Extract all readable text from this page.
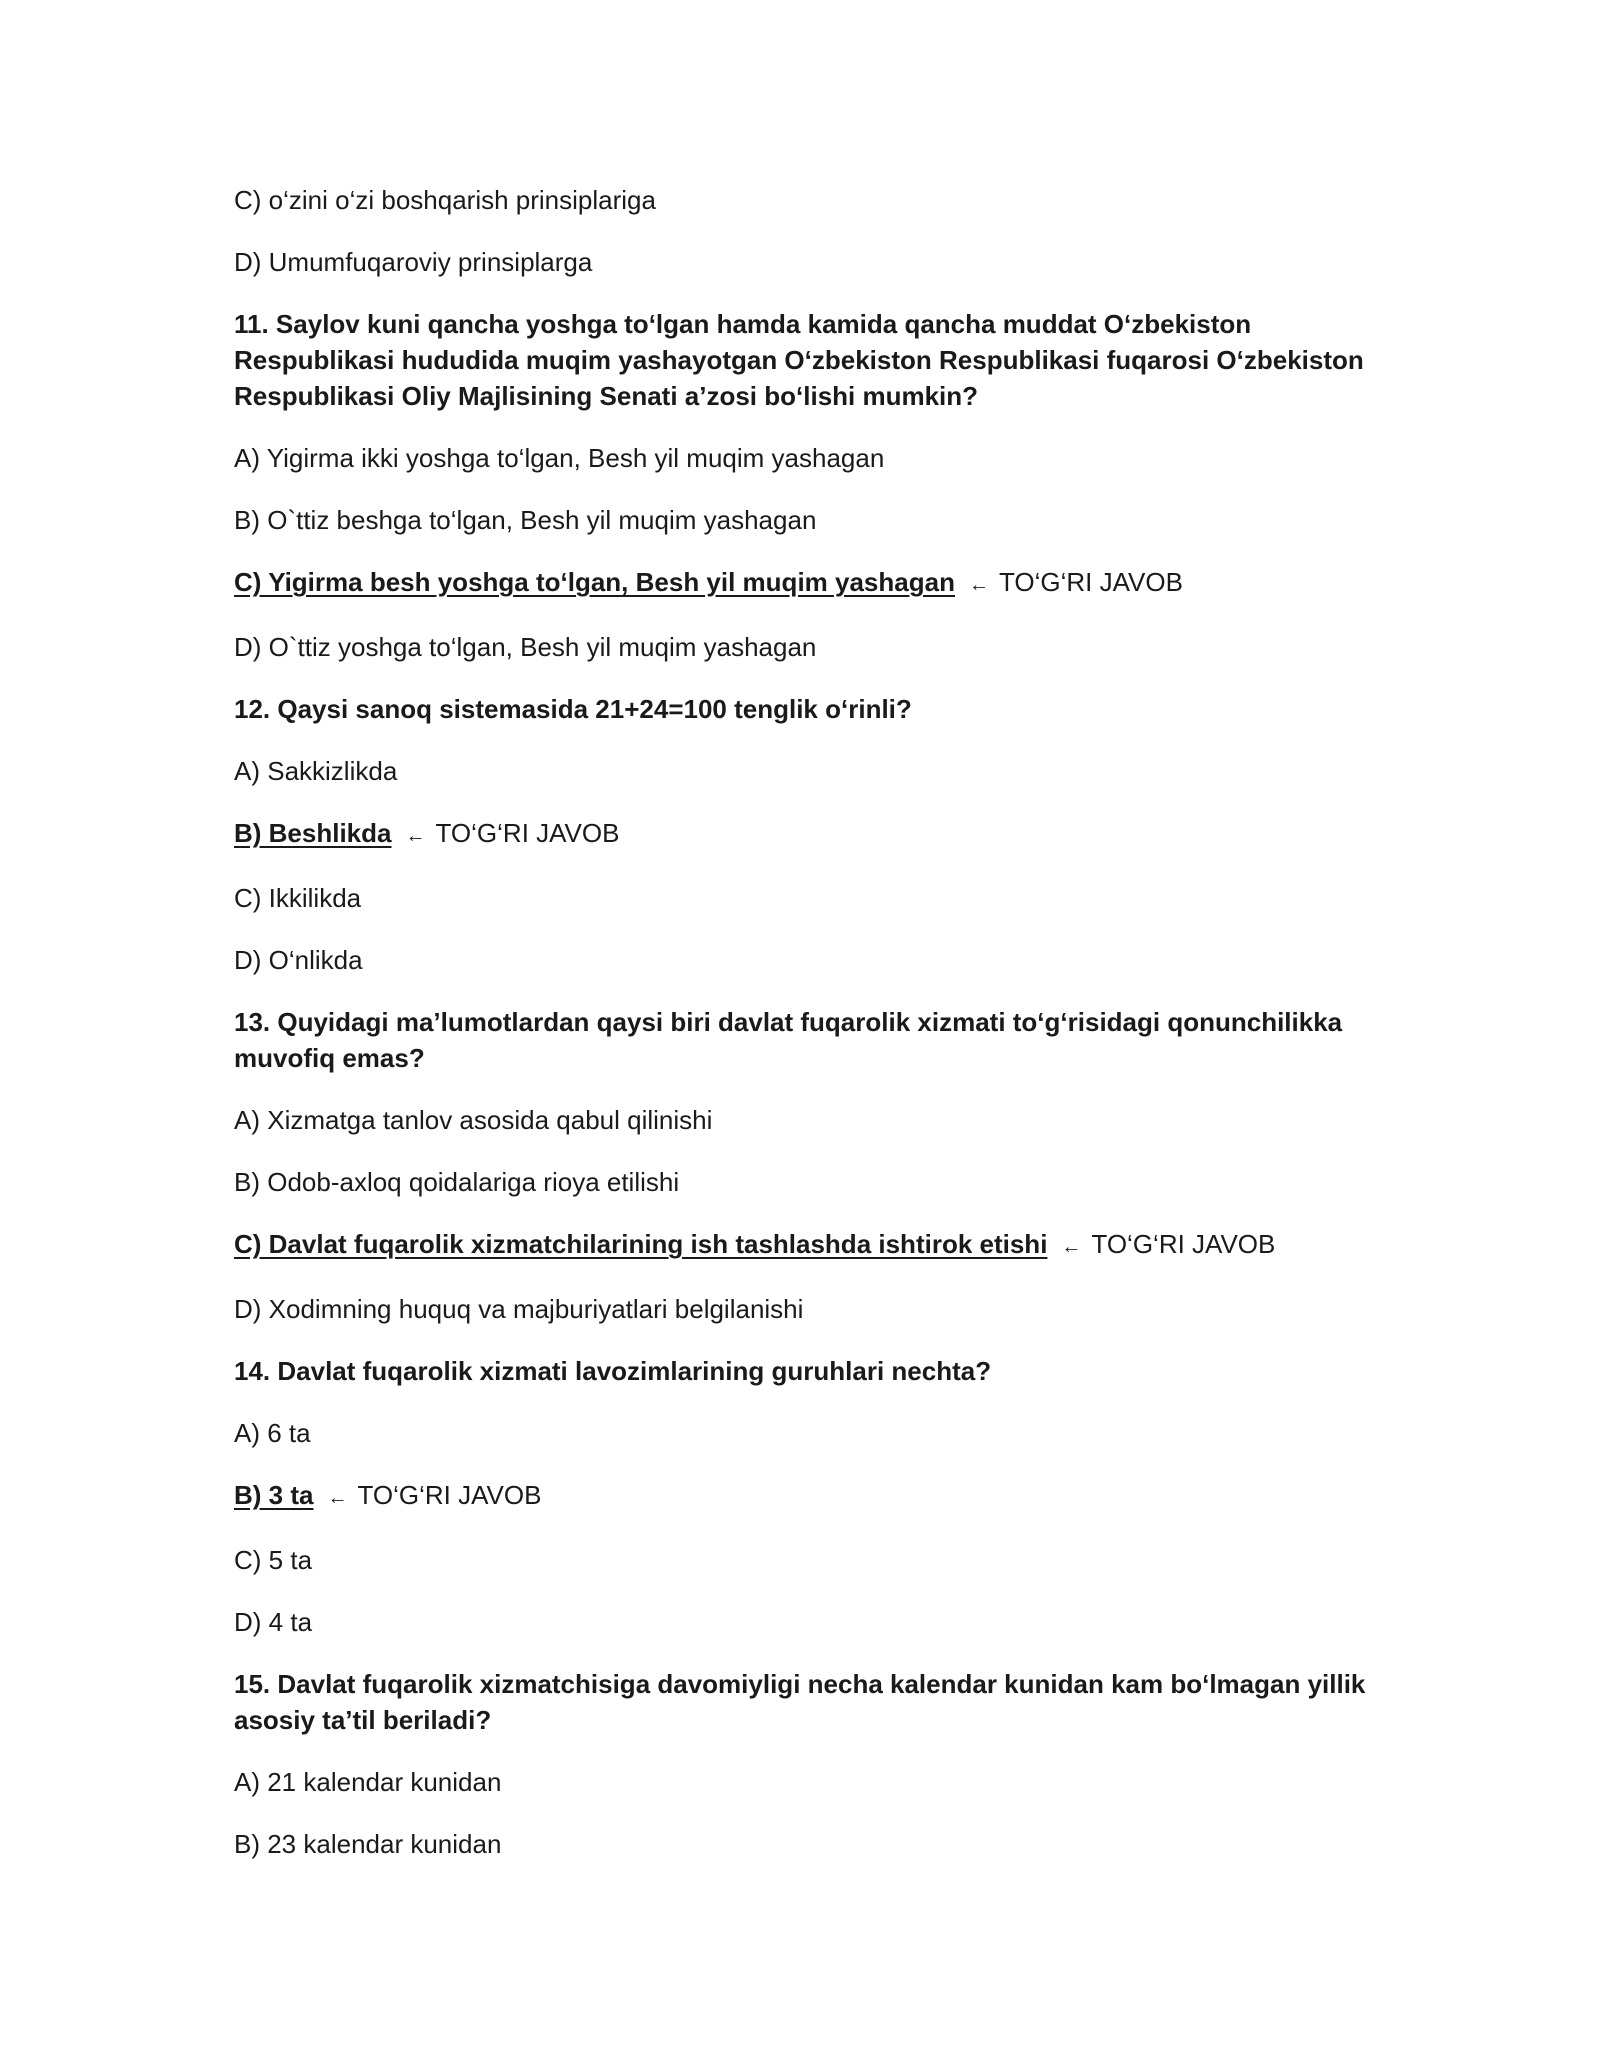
C) o‘zini o‘zi boshqarish prinsiplariga

D) Umumfuqaroviy prinsiplarga

11. Saylov kuni qancha yoshga to‘lgan hamda kamida qancha muddat O‘zbekiston Respublikasi hududida muqim yashayotgan O‘zbekiston Respublikasi fuqarosi O‘zbekiston Respublikasi Oliy Majlisining Senati a’zosi bo‘lishi mumkin?

A) Yigirma ikki yoshga to‘lgan, Besh yil muqim yashagan

B) O`ttiz beshga to‘lgan, Besh yil muqim yashagan

C) Yigirma besh yoshga to‘lgan, Besh yil muqim yashagan ← TO‘G‘RI JAVOB

D) O`ttiz yoshga to‘lgan, Besh yil muqim yashagan

12. Qaysi sanoq sistemasida 21+24=100 tenglik o‘rinli?

A) Sakkizlikda

B) Beshlikda ← TO‘G‘RI JAVOB

C) Ikkilikda

D) O‘nlikda

13. Quyidagi ma’lumotlardan qaysi biri davlat fuqarolik xizmati to‘g‘risidagi qonunchilikka muvofiq emas?

A) Xizmatga tanlov asosida qabul qilinishi

B) Odob-axloq qoidalariga rioya etilishi

C) Davlat fuqarolik xizmatchilarining ish tashlashda ishtirok etishi ← TO‘G‘RI JAVOB

D) Xodimning huquq va majburiyatlari belgilanishi

14. Davlat fuqarolik xizmati lavozimlarining guruhlari nechta?

A) 6 ta

B) 3 ta ← TO‘G‘RI JAVOB

C) 5 ta

D) 4 ta

15. Davlat fuqarolik xizmatchisiga davomiyligi necha kalendar kunidan kam bo‘lmagan yillik asosiy ta’til beriladi?

A) 21 kalendar kunidan

B) 23 kalendar kunidan
